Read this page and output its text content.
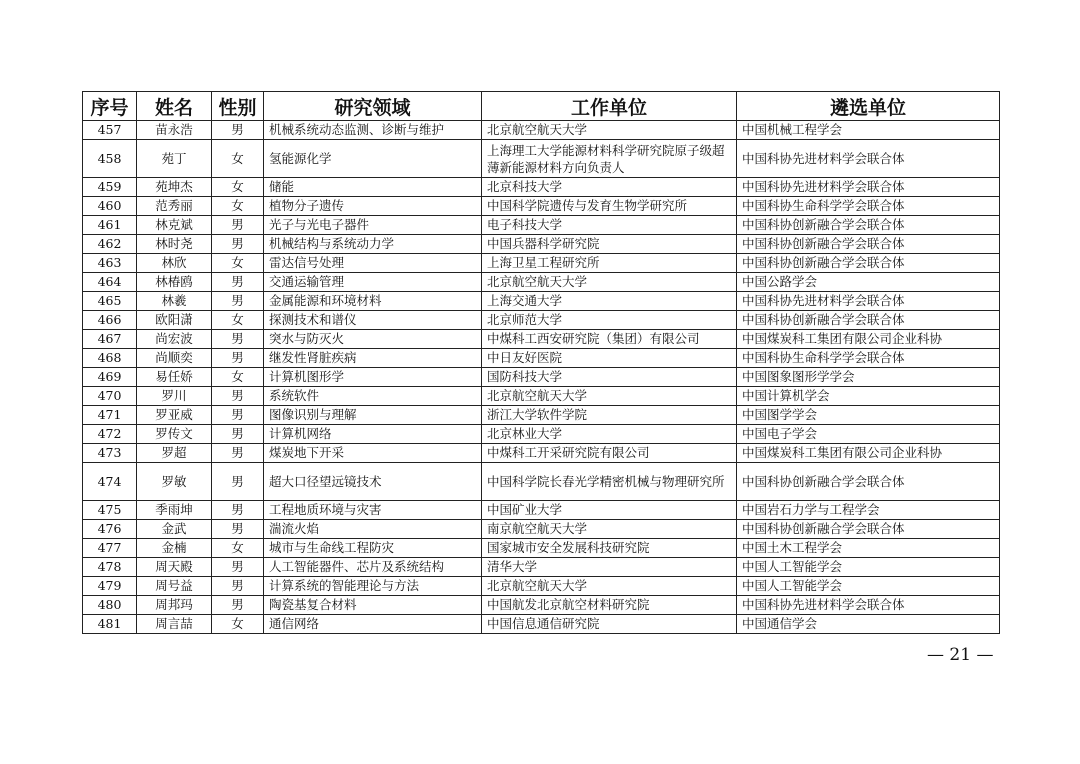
序号	姓名	性别	研究领域	工作单位	遴选单位
457	苗永浩	男	机械系统动态监测、诊断与维护	北京航空航天大学	中国机械工程学会
458	苑丁	女	氢能源化学	上海理工大学能源材料科学研究院原子级超薄新能源材料方向负责人	中国科协先进材料学会联合体
459	苑坤杰	女	储能	北京科技大学	中国科协先进材料学会联合体
460	范秀丽	女	植物分子遗传	中国科学院遗传与发育生物学研究所	中国科协生命科学学会联合体
461	林克斌	男	光子与光电子器件	电子科技大学	中国科协创新融合学会联合体
462	林时尧	男	机械结构与系统动力学	中国兵器科学研究院	中国科协创新融合学会联合体
463	林欣	女	雷达信号处理	上海卫星工程研究所	中国科协创新融合学会联合体
464	林椿鸥	男	交通运输管理	北京航空航天大学	中国公路学会
465	林羲	男	金属能源和环境材料	上海交通大学	中国科协先进材料学会联合体
466	欧阳潇	女	探测技术和谱仪	北京师范大学	中国科协创新融合学会联合体
467	尚宏波	男	突水与防灭火	中煤科工西安研究院（集团）有限公司	中国煤炭科工集团有限公司企业科协
468	尚顺奕	男	继发性肾脏疾病	中日友好医院	中国科协生命科学学会联合体
469	易任娇	女	计算机图形学	国防科技大学	中国图象图形学学会
470	罗川	男	系统软件	北京航空航天大学	中国计算机学会
471	罗亚威	男	图像识别与理解	浙江大学软件学院	中国图学学会
472	罗传文	男	计算机网络	北京林业大学	中国电子学会
473	罗超	男	煤炭地下开采	中煤科工开采研究院有限公司	中国煤炭科工集团有限公司企业科协
474	罗敏	男	超大口径望远镜技术	中国科学院长春光学精密机械与物理研究所	中国科协创新融合学会联合体
475	季雨坤	男	工程地质环境与灾害	中国矿业大学	中国岩石力学与工程学会
476	金武	男	湍流火焰	南京航空航天大学	中国科协创新融合学会联合体
477	金楠	女	城市与生命线工程防灾	国家城市安全发展科技研究院	中国土木工程学会
478	周天殿	男	人工智能器件、芯片及系统结构	清华大学	中国人工智能学会
479	周号益	男	计算系统的智能理论与方法	北京航空航天大学	中国人工智能学会
480	周邦玛	男	陶瓷基复合材料	中国航发北京航空材料研究院	中国科协先进材料学会联合体
481	周言喆	女	通信网络	中国信息通信研究院	中国通信学会
— 21 —
